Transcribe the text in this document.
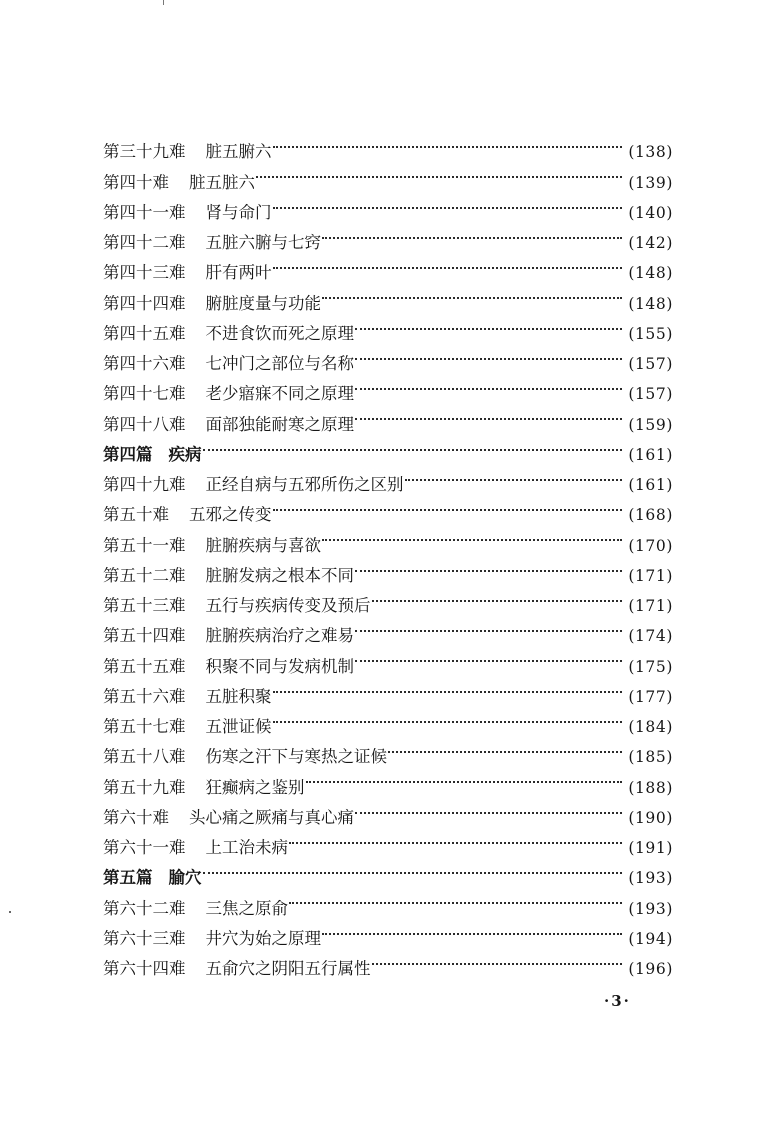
第三十九难 脏五腑六	(138)
第四十难 脏五脏六	(139)
第四十一难 肾与命门	(140)
第四十二难 五脏六腑与七窍	(142)
第四十三难 肝有两叶	(148)
第四十四难 腑脏度量与功能	(148)
第四十五难 不进食饮而死之原理	(155)
第四十六难 七冲门之部位与名称	(157)
第四十七难 老少寤寐不同之原理	(157)
第四十八难 面部独能耐寒之原理	(159)
第四篇 疾病	(161)
第四十九难 正经自病与五邪所伤之区别	(161)
第五十难 五邪之传变	(168)
第五十一难 脏腑疾病与喜欲	(170)
第五十二难 脏腑发病之根本不同	(171)
第五十三难 五行与疾病传变及预后	(171)
第五十四难 脏腑疾病治疗之难易	(174)
第五十五难 积聚不同与发病机制	(175)
第五十六难 五脏积聚	(177)
第五十七难 五泄证候	(184)
第五十八难 伤寒之汗下与寒热之证候	(185)
第五十九难 狂癫病之鉴别	(188)
第六十难 头心痛之厥痛与真心痛	(190)
第六十一难 上工治未病	(191)
第五篇 腧穴	(193)
第六十二难 三焦之原俞	(193)
第六十三难 井穴为始之原理	(194)
第六十四难 五俞穴之阴阳五行属性	(196)
·3·
